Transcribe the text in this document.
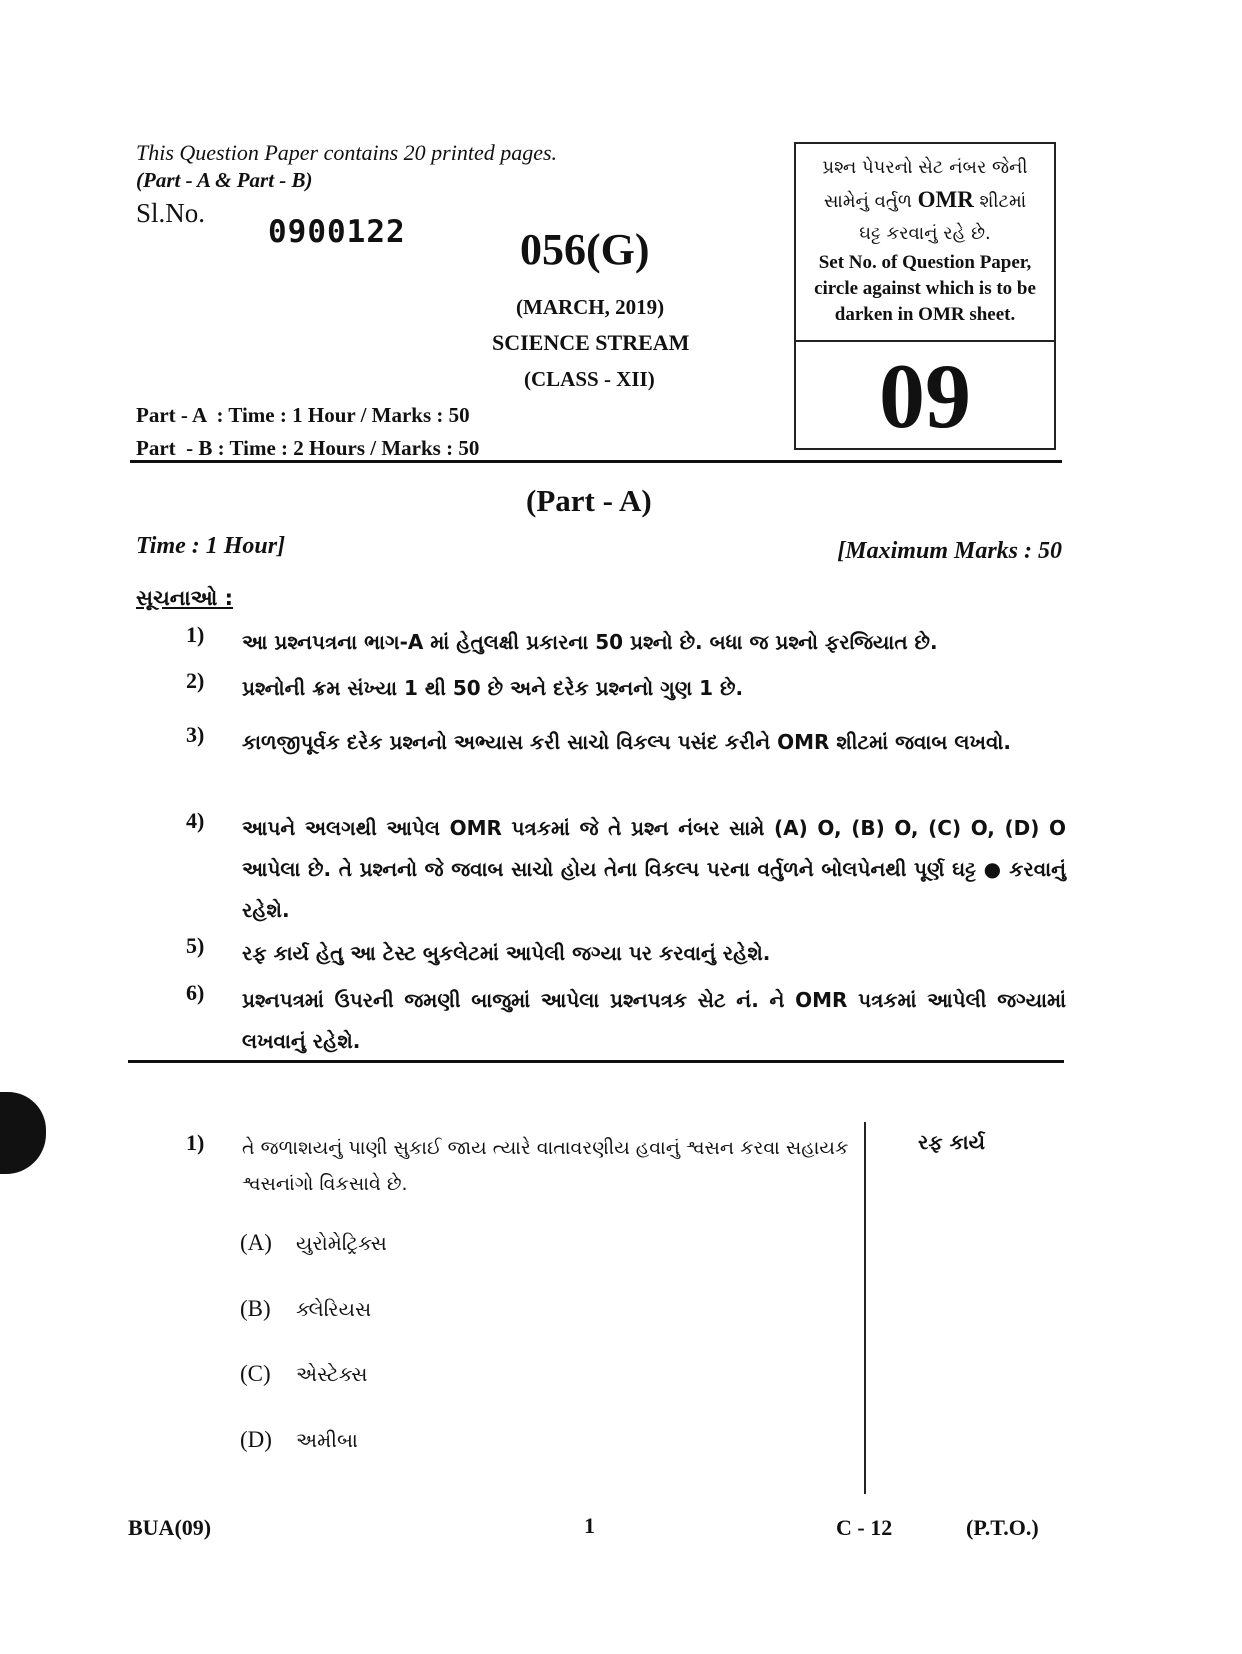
This Question Paper contains 20 printed pages.
(Part - A & Part - B)
Sl.No.
0900122	056(G)
(MARCH, 2019)
SCIENCE STREAM
(CLASS - XII)
Part - A  : Time : 1 Hour / Marks : 50
Part  - B : Time : 2 Hours / Marks : 50
પ્રશ્ન પેપરનો સેટ નંબર જેની
સામેનું વર્તુળ OMR શીટમાં
ઘટ્ટ કરવાનું રહે છે.
Set No. of Question Paper,
circle against which is to be
darken in OMR sheet.
09
(Part - A)
Time : 1 Hour]	[Maximum Marks : 50
સૂચનાઓ :
1) આ પ્રશ્નપત્રના ભાગ-A માં હેતુલક્ષી પ્રકારના 50 પ્રશ્નો છે. બધા જ પ્રશ્નો ફરજિયાત છે.
2) પ્રશ્નોની ક્રમ સંખ્યા 1 થી 50 છે અને દરેક પ્રશ્નનો ગુણ 1 છે.
3) કાળજીપૂર્વક દરેક પ્રશ્નનો અભ્યાસ કરી સાચો વિકલ્પ પસંદ કરીને OMR શીટમાં જવાબ લખવો.
4) આપને અલગથી આપેલ OMR પત્રકમાં જે તે પ્રશ્ન નંબર સામે (A) O, (B) O, (C) O, (D) O આપેલા છે. તે પ્રશ્નનો જે જવાબ સાચો હોય તેના વિકલ્પ પરના વર્તુળને બોલપેનથી પૂર્ણ ઘટ્ટ ● કરવાનું રહેશે.
5) રફ કાર્ય હેતુ આ ટેસ્ટ બુકલેટમાં આપેલી જગ્યા પર કરવાનું રહેશે.
6) પ્રશ્નપત્રમાં ઉપરની જમણી બાજુમાં આપેલા પ્રશ્નપત્રક સેટ નં. ને OMR પત્રકમાં આપેલી જગ્યામાં લખવાનું રહેશે.
રફ કાર્ય
1) તે જળાશયનું પાણી સુકાઈ જાય ત્યારે વાતાવરણીય હવાનું શ્વસન કરવા સહાયક શ્વસનાંગો વિકસાવે છે.
(A) યુરોમેટ્રિક્સ
(B) ક્લેરિયસ
(C) એસ્ટેક્સ
(D) અમીબા
BUA(09)	1	C - 12	(P.T.O.)
